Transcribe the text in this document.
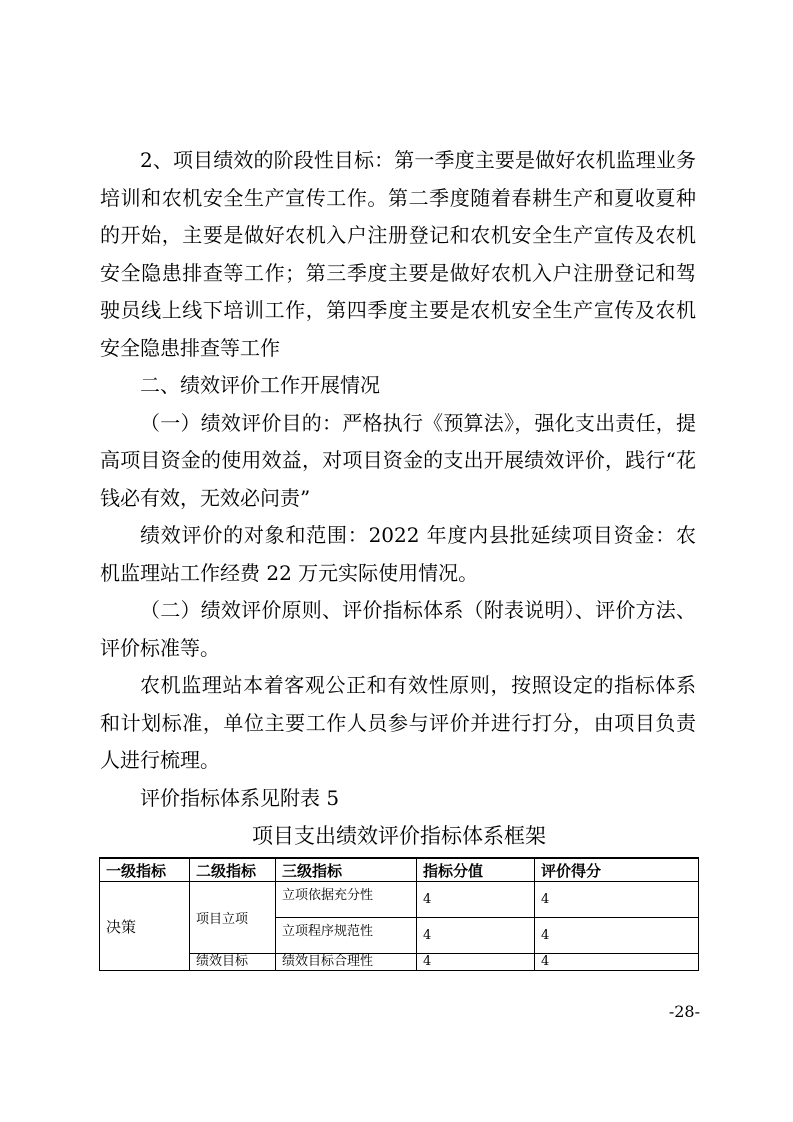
2、项目绩效的阶段性目标：第一季度主要是做好农机监理业务培训和农机安全生产宣传工作。第二季度随着春耕生产和夏收夏种的开始，主要是做好农机入户注册登记和农机安全生产宣传及农机安全隐患排查等工作；第三季度主要是做好农机入户注册登记和驾驶员线上线下培训工作，第四季度主要是农机安全生产宣传及农机安全隐患排查等工作

二、绩效评价工作开展情况

（一）绩效评价目的：严格执行《预算法》，强化支出责任，提高项目资金的使用效益，对项目资金的支出开展绩效评价，践行“花钱必有效，无效必问责”

绩效评价的对象和范围：2022 年度内县批延续项目资金：农机监理站工作经费 22 万元实际使用情况。

（二）绩效评价原则、评价指标体系（附表说明）、评价方法、评价标准等。

农机监理站本着客观公正和有效性原则，按照设定的指标体系和计划标准，单位主要工作人员参与评价并进行打分，由项目负责人进行梳理。

评价指标体系见附表 5

项目支出绩效评价指标体系框架
一级指标	二级指标	三级指标	指标分值	评价得分
决策	项目立项	立项依据充分性	4	4
		立项程序规范性	4	4
	绩效目标	绩效目标合理性	4	4
-28-
